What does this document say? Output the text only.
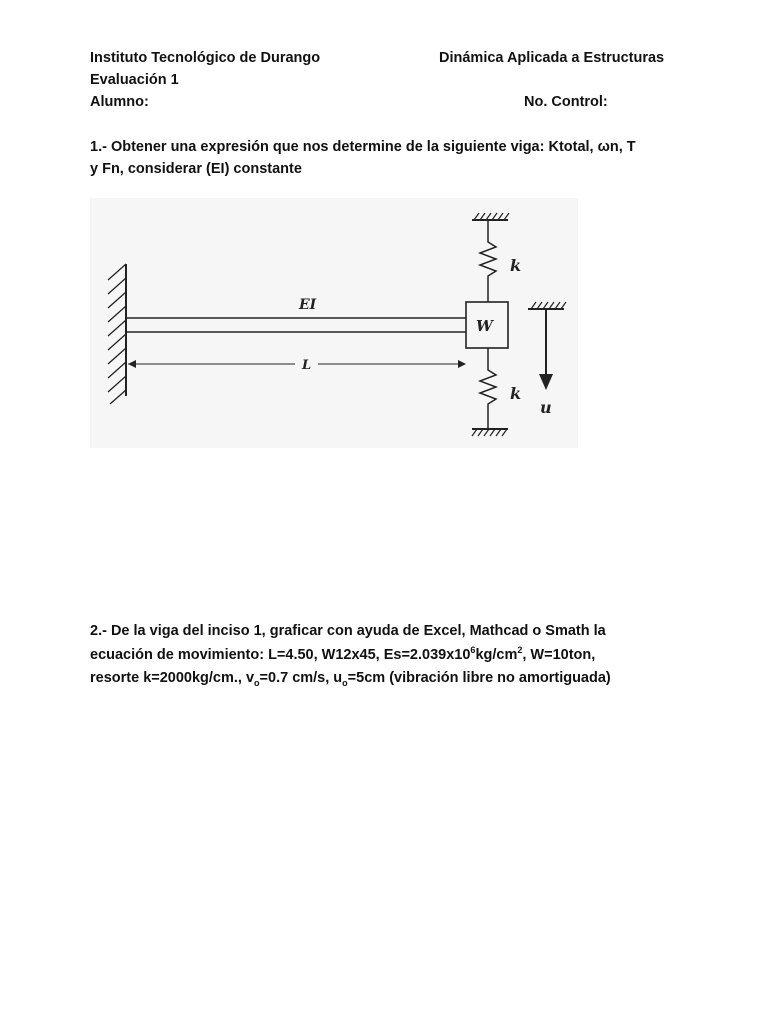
Instituto Tecnológico de Durango	Dinámica Aplicada a Estructuras
Evaluación 1
Alumno:	No. Control:
1.- Obtener una expresión que nos determine de la siguiente viga: Ktotal, ωn, T
y Fn, considerar (EI) constante
EI
L
W
k
k
u
2.- De la viga del inciso 1, graficar con ayuda de Excel, Mathcad o Smath la
ecuación de movimiento: L=4.50, W12x45, $Es=2.039x10^6kg/cm^2$, W=10ton,
resorte k=2000kg/cm., $v_o=0.7$ cm/s, $u_o=5cm$ (vibración libre no amortiguada)
